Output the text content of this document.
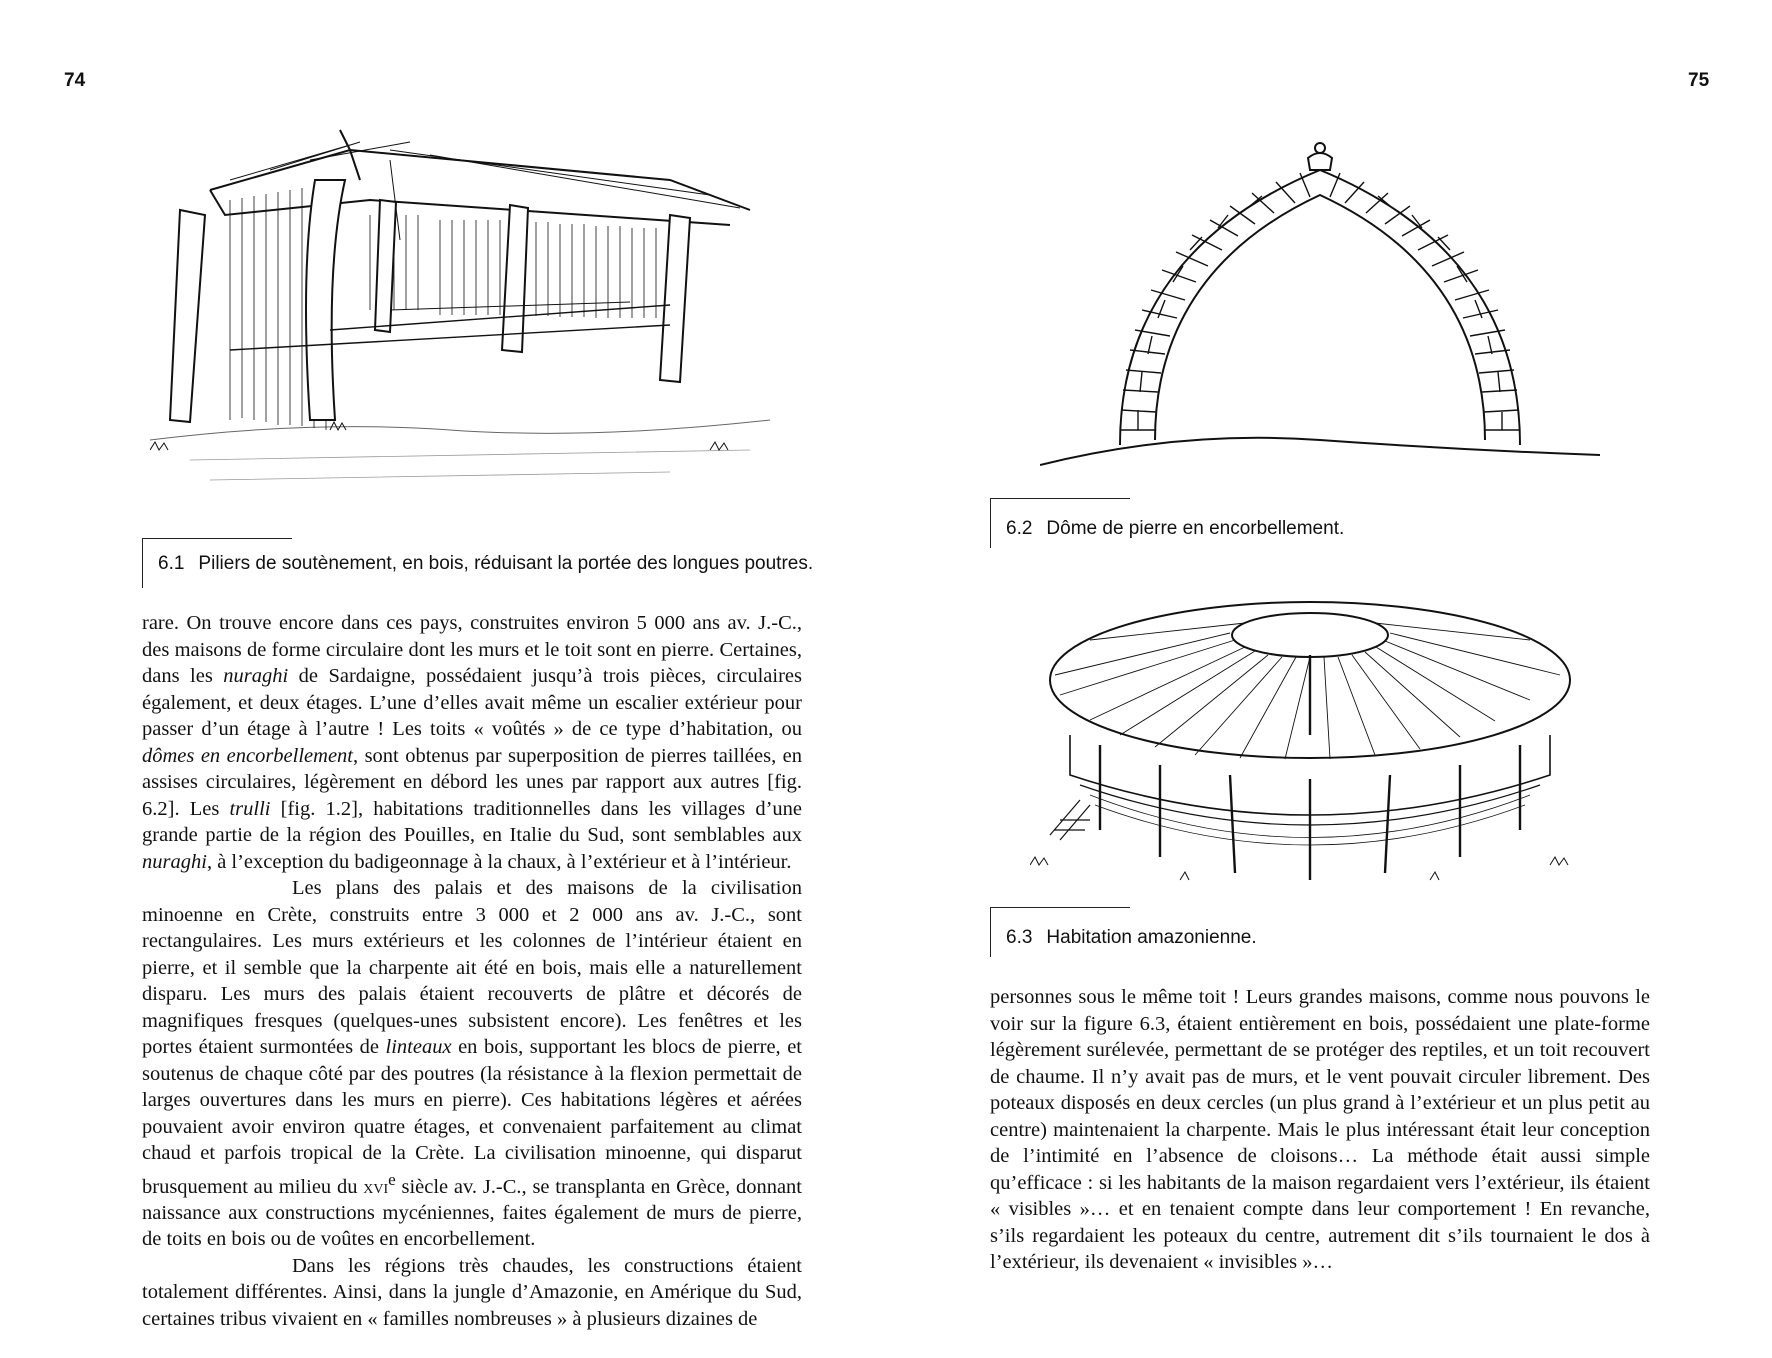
74	75
6.1 Piliers de soutènement, en bois, réduisant la portée des longues poutres.
6.2 Dôme de pierre en encorbellement.
6.3 Habitation amazonienne.

rare. On trouve encore dans ces pays, construites environ 5 000 ans av. J.-C., des maisons de forme circulaire dont les murs et le toit sont en pierre. Certaines, dans les nuraghi de Sardaigne, possédaient jusqu’à trois pièces, circulaires également, et deux étages. L’une d’elles avait même un escalier extérieur pour passer d’un étage à l’autre ! Les toits « voûtés » de ce type d’habitation, ou dômes en encorbellement, sont obtenus par superposition de pierres taillées, en assises circulaires, légèrement en débord les unes par rapport aux autres [fig. 6.2]. Les trulli [fig. 1.2], habitations traditionnelles dans les villages d’une grande partie de la région des Pouilles, en Italie du Sud, sont semblables aux nuraghi, à l’exception du badigeonnage à la chaux, à l’extérieur et à l’intérieur.

Les plans des palais et des maisons de la civilisation minoenne en Crète, construits entre 3 000 et 2 000 ans av. J.-C., sont rectangulaires. Les murs extérieurs et les colonnes de l’intérieur étaient en pierre, et il semble que la charpente ait été en bois, mais elle a naturellement disparu. Les murs des palais étaient recouverts de plâtre et décorés de magnifiques fresques (quelques-unes subsistent encore). Les fenêtres et les portes étaient surmontées de linteaux en bois, supportant les blocs de pierre, et soutenus de chaque côté par des poutres (la résistance à la flexion permettait de larges ouvertures dans les murs en pierre). Ces habitations légères et aérées pouvaient avoir environ quatre étages, et convenaient parfaitement au climat chaud et parfois tropical de la Crète. La civilisation minoenne, qui disparut brusquement au milieu du xvi$^e$ siècle av. J.-C., se transplanta en Grèce, donnant naissance aux constructions mycéniennes, faites également de murs de pierre, de toits en bois ou de voûtes en encorbellement.

Dans les régions très chaudes, les constructions étaient totalement différentes. Ainsi, dans la jungle d’Amazonie, en Amérique du Sud, certaines tribus vivaient en « familles nombreuses » à plusieurs dizaines de

personnes sous le même toit ! Leurs grandes maisons, comme nous pouvons le voir sur la figure 6.3, étaient entièrement en bois, possédaient une plate-forme légèrement surélevée, permettant de se protéger des reptiles, et un toit recouvert de chaume. Il n’y avait pas de murs, et le vent pouvait circuler librement. Des poteaux disposés en deux cercles (un plus grand à l’extérieur et un plus petit au centre) maintenaient la charpente. Mais le plus intéressant était leur conception de l’intimité en l’absence de cloisons… La méthode était aussi simple qu’efficace : si les habitants de la maison regardaient vers l’extérieur, ils étaient « visibles »… et en tenaient compte dans leur comportement ! En revanche, s’ils regardaient les poteaux du centre, autrement dit s’ils tournaient le dos à l’extérieur, ils devenaient « invisibles »…
